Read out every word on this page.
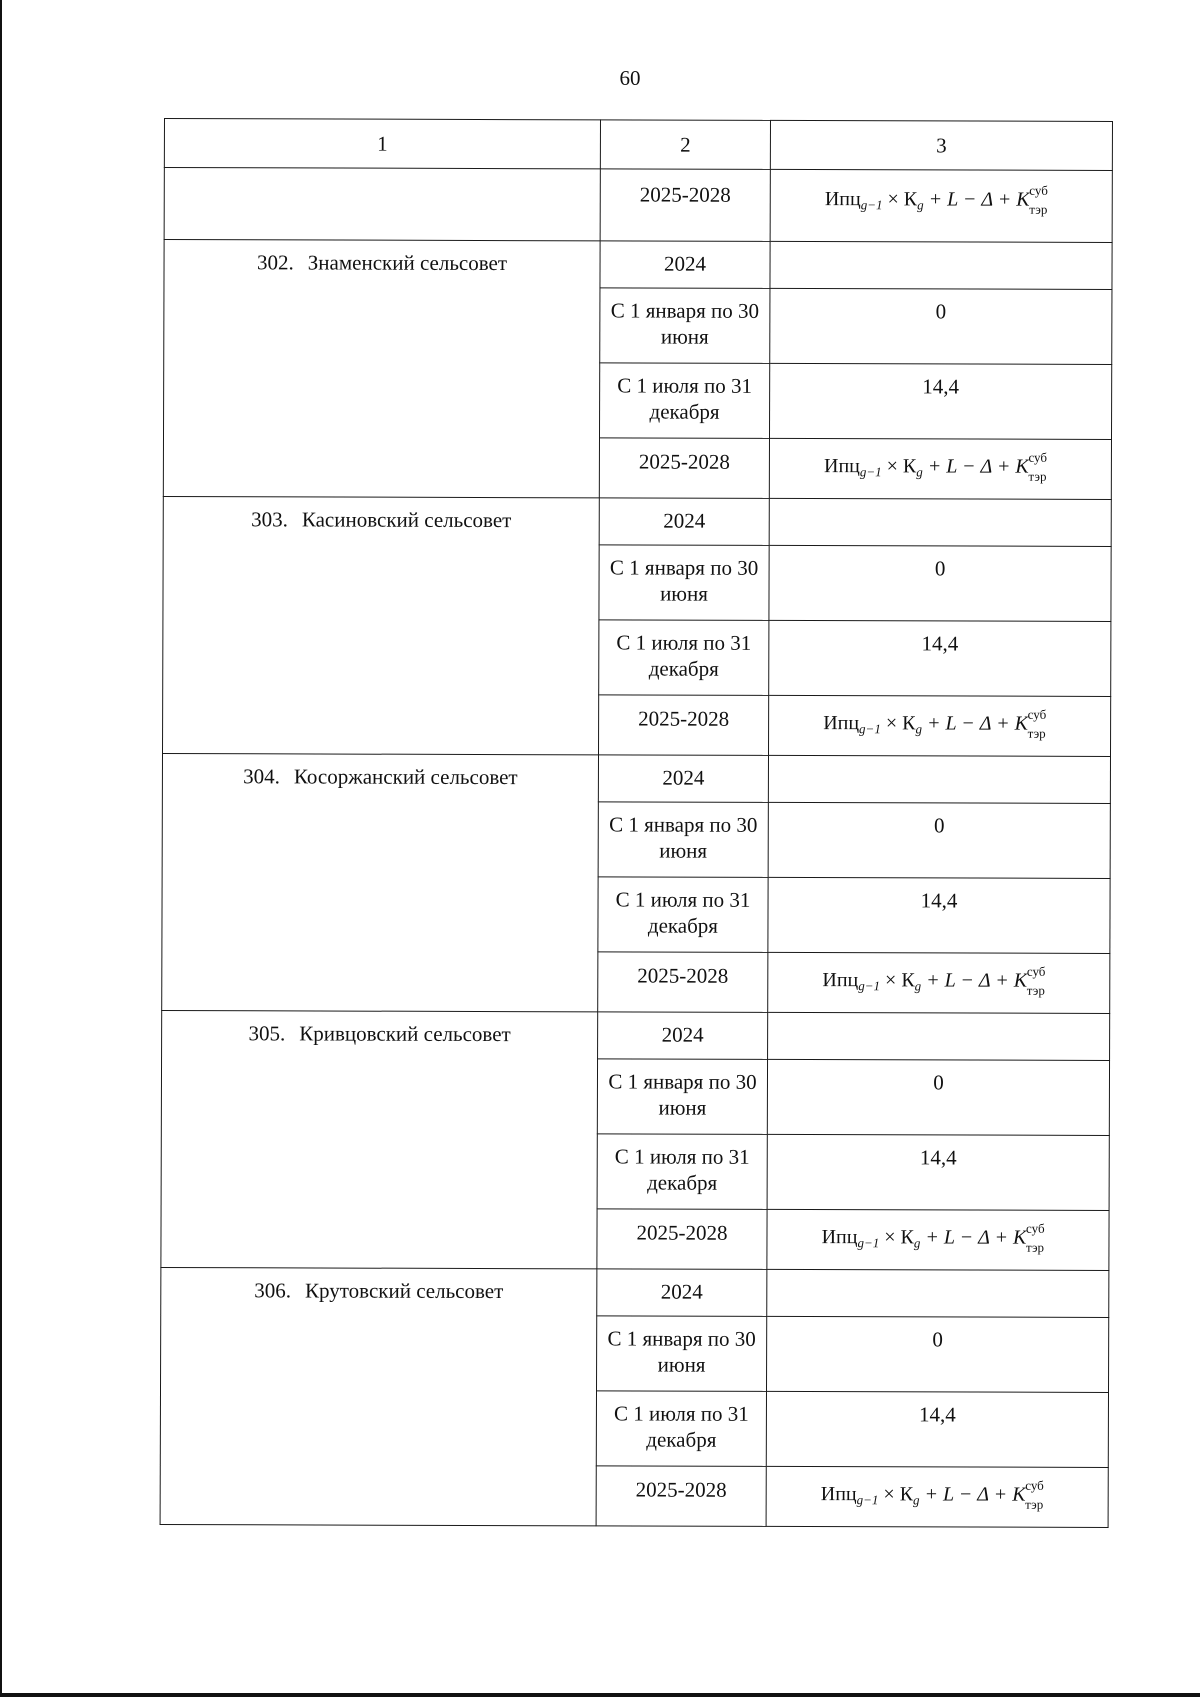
60
1	2	3
	2025-2028	$Ипц_{g-1} \times К_g + L - \Delta + K$ суб
тэр

302. Знаменский сельсовет	2024	
	С 1 января по 30 июня	0
	С 1 июля по 31 декабря	14,4
	2025-2028	$Ипц_{g-1} \times К_g + L - \Delta + K$ суб
тэр

303. Касиновский сельсовет	2024	
	С 1 января по 30 июня	0
	С 1 июля по 31 декабря	14,4
	2025-2028	$Ипц_{g-1} \times К_g + L - \Delta + K$ суб
тэр

304. Косоржанский сельсовет	2024	
	С 1 января по 30 июня	0
	С 1 июля по 31 декабря	14,4
	2025-2028	$Ипц_{g-1} \times К_g + L - \Delta + K$ суб
тэр

305. Кривцовский сельсовет	2024	
	С 1 января по 30 июня	0
	С 1 июля по 31 декабря	14,4
	2025-2028	$Ипц_{g-1} \times К_g + L - \Delta + K$ суб
тэр

306. Крутовский сельсовет	2024	
	С 1 января по 30 июня	0
	С 1 июля по 31 декабря	14,4
	2025-2028	$Ипц_{g-1} \times К_g + L - \Delta + K$ суб
тэр
